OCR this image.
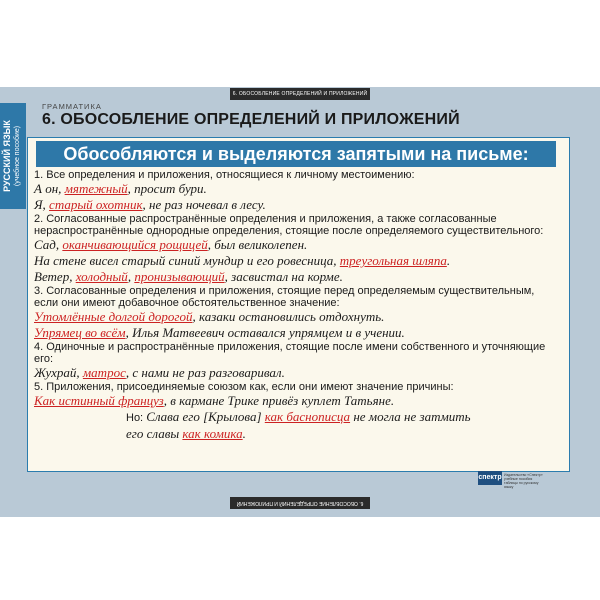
6. ОБОСОБЛЕНИЕ ОПРЕДЕЛЕНИЙ И ПРИЛОЖЕНИЙ
РУССКИЙ ЯЗЫК (учебное пособие)
ГРАММАТИКА
6. ОБОСОБЛЕНИЕ ОПРЕДЕЛЕНИЙ И ПРИЛОЖЕНИЙ
Обособляются и выделяются запятыми на письме:
1. Все определения и приложения, относящиеся к личному местоимению:
А он, мятежный, просит бури.
Я, старый охотник, не раз ночевал в лесу.
2. Согласованные распространённые определения и приложения, а также согласованные нераспространённые однородные определения, стоящие после определяемого существительного:
Сад, оканчивающийся рощицей, был великолепен.
На стене висел старый синий мундир и его ровесница, треугольная шляпа.
Ветер, холодный, пронизывающий, засвистал на корме.
3. Согласованные определения и приложения, стоящие перед определяемым существительным, если они имеют добавочное обстоятельственное значение:
Утомлённые долгой дорогой, казаки остановились отдохнуть.
Упрямец во всём, Илья Матвеевич оставался упрямцем и в учении.
4. Одиночные и распространённые приложения, стоящие после имени собственного и уточняющие его:
Жухрай, матрос, с нами не раз разговаривал.
5. Приложения, присоединяемые союзом как, если они имеют значение причины:
Как истинный француз, в кармане Трике привёз куплет Татьяне.
Но: Слава его [Крылова] как баснописца не могла не затмить
его славы как комика.
6. ОБОСОБЛЕНИЕ ОПРЕДЕЛЕНИЙ И ПРИЛОЖЕНИЙ
спектр Издательство «Спектр»
учебные пособия
таблицы по русскому языку
